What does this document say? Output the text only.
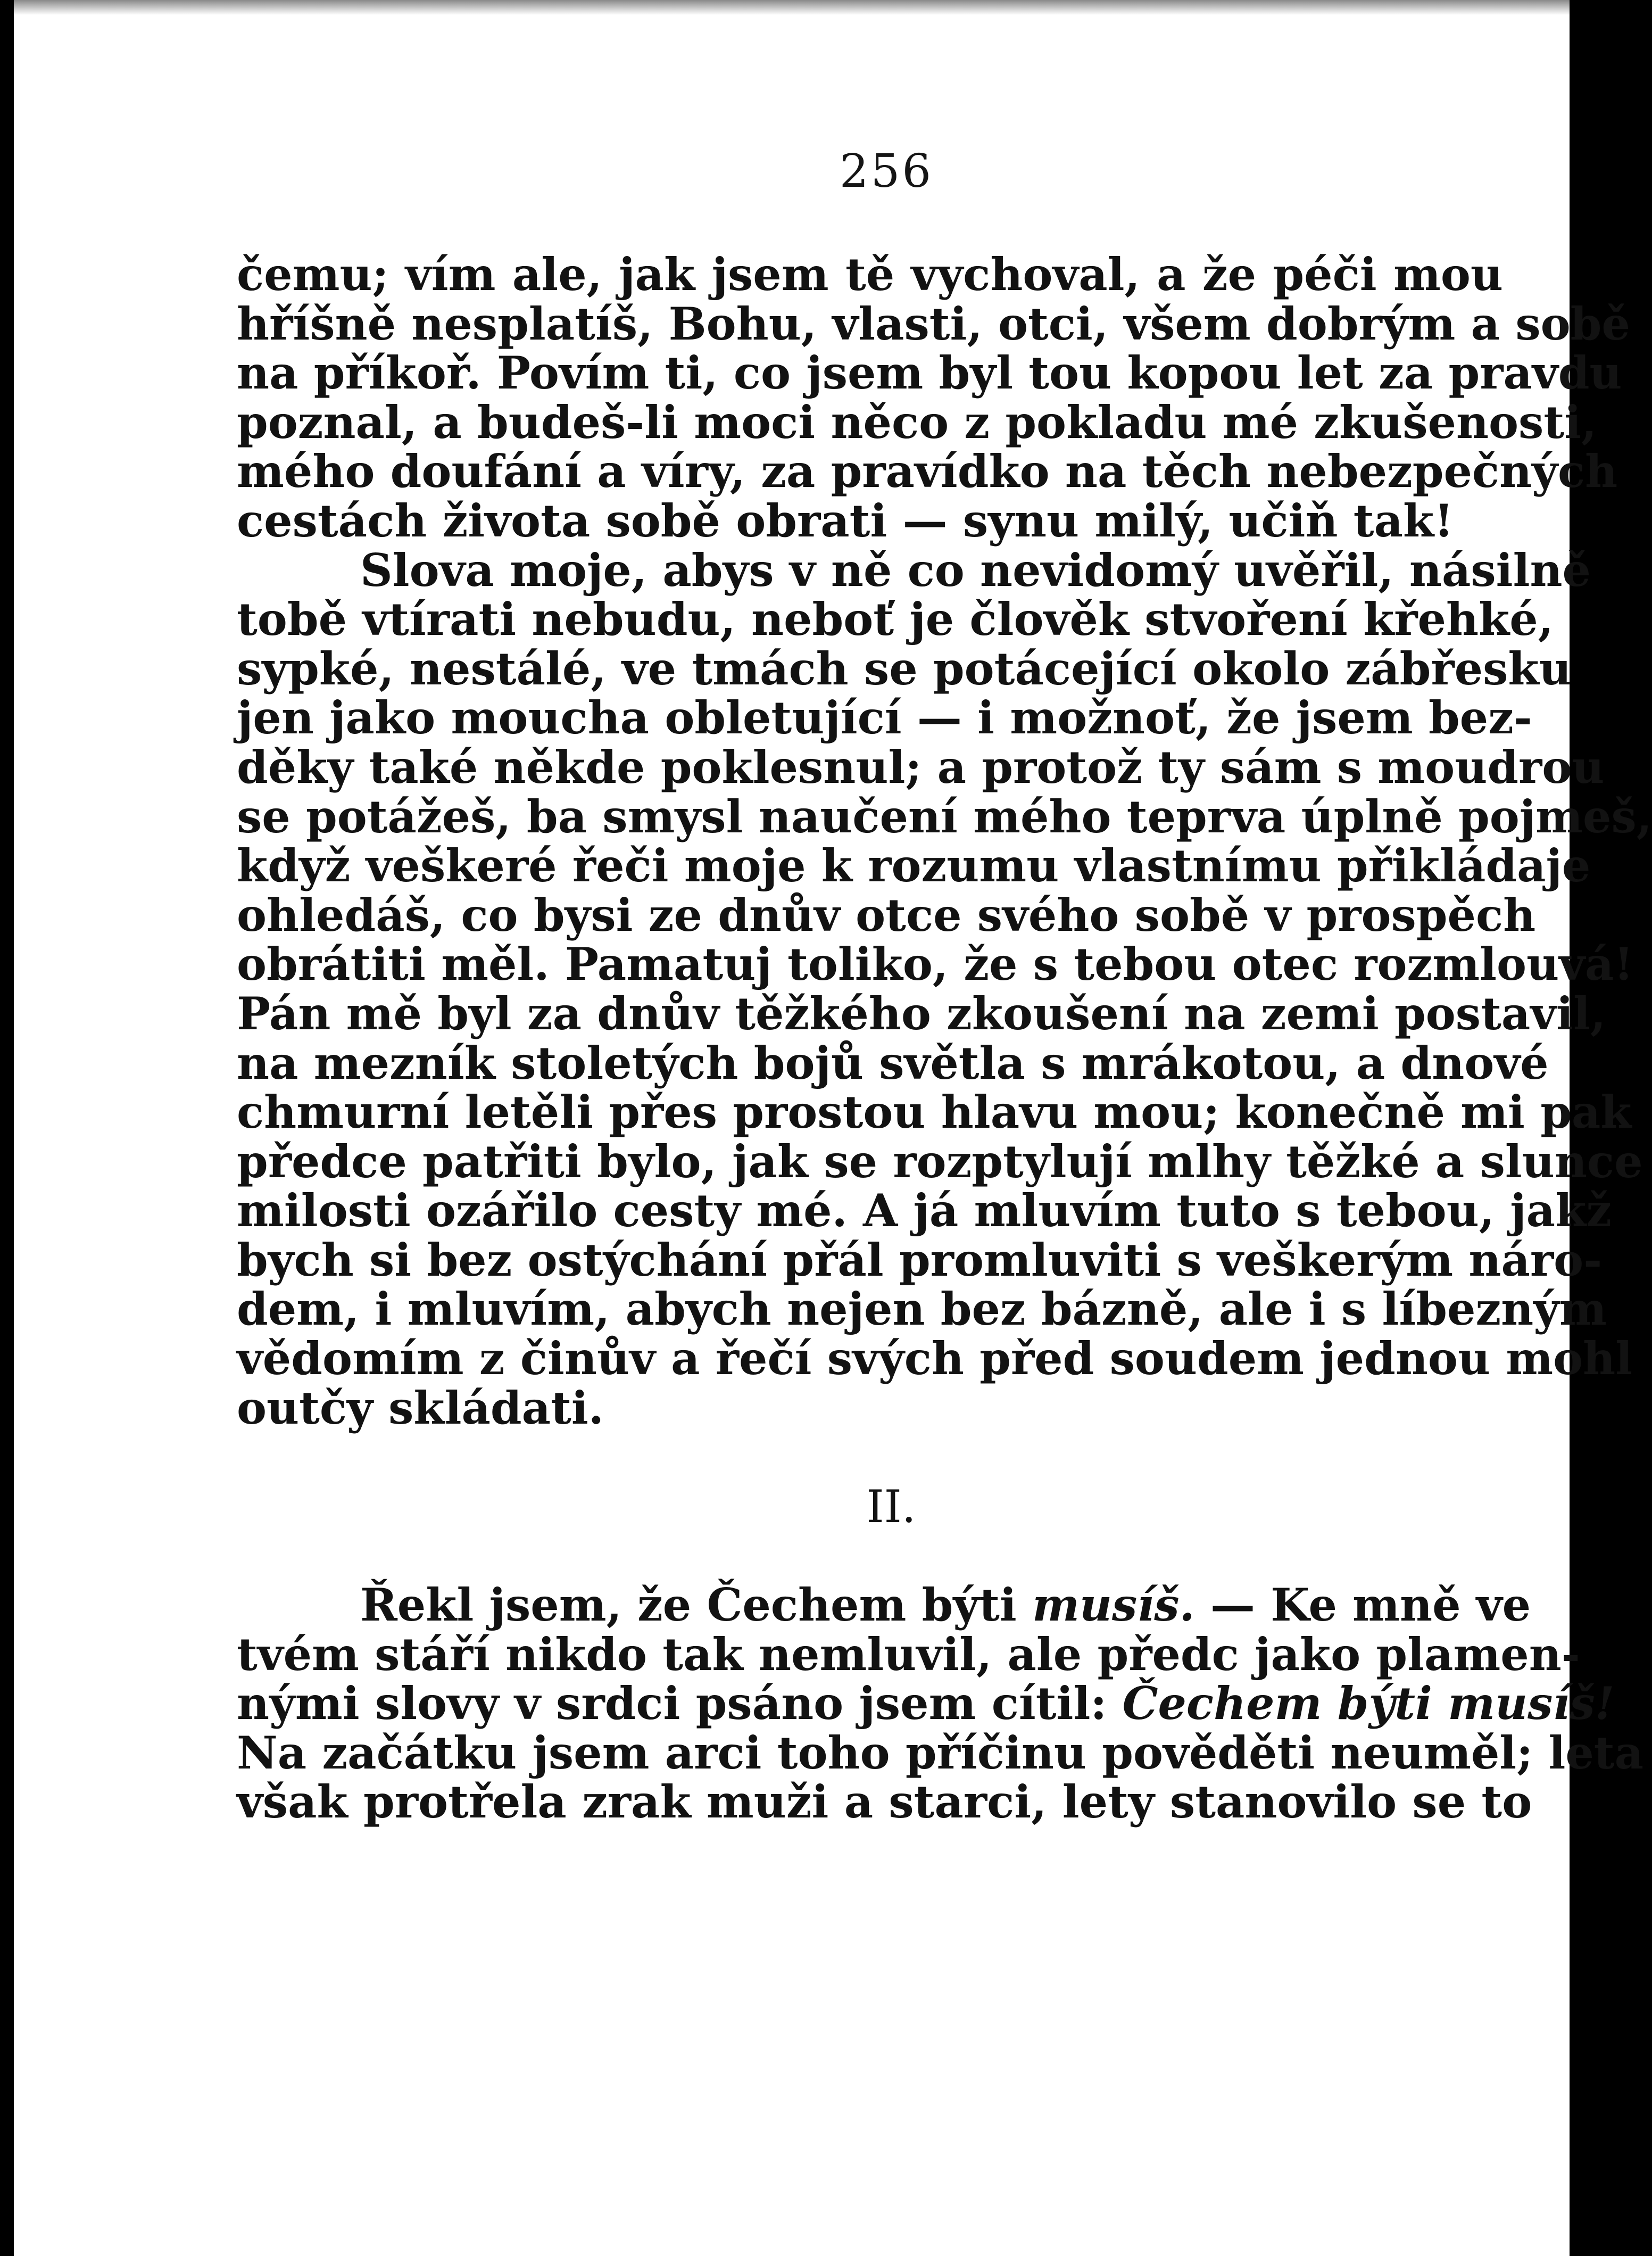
256
čemu; vím ale, jak jsem tě vychoval, a že péči mou
hříšně nesplatíš, Bohu, vlasti, otci, všem dobrým a sobě
na příkoř. Povím ti, co jsem byl tou kopou let za pravdu
poznal, a budeš-li moci něco z pokladu mé zkušenosti,
mého doufání a víry, za pravídko na těch nebezpečných
cestách života sobě obrati — synu milý, učiň tak!
Slova moje, abys v ně co nevidomý uvěřil, násilně
tobě vtírati nebudu, neboť je člověk stvoření křehké,
sypké, nestálé, ve tmách se potácející okolo zábřesku
jen jako moucha obletující — i možnoť, že jsem bez-
děky také někde poklesnul; a protož ty sám s moudrou
se potážeš, ba smysl naučení mého teprva úplně pojmeš,
když veškeré řeči moje k rozumu vlastnímu přikládaje
ohledáš, co bysi ze dnův otce svého sobě v prospěch
obrátiti měl. Pamatuj toliko, že s tebou otec rozmlouvá!
Pán mě byl za dnův těžkého zkoušení na zemi postavil,
na mezník stoletých bojů světla s mrákotou, a dnové
chmurní letěli přes prostou hlavu mou; konečně mi pak
předce patřiti bylo, jak se rozptylují mlhy těžké a slunce
milosti ozářilo cesty mé. A já mluvím tuto s tebou, jakž
bych si bez ostýchání přál promluviti s veškerým náro-
dem, i mluvím, abych nejen bez bázně, ale i s líbezným
vědomím z činův a řečí svých před soudem jednou mohl
outčy skládati.
II.
Řekl jsem, že Čechem býti musíš. — Ke mně ve
tvém stáří nikdo tak nemluvil, ale předc jako plamen-
nými slovy v srdci psáno jsem cítil: Čechem býti musíš!
Na začátku jsem arci toho příčinu pověděti neuměl; leta
však protřela zrak muži a starci, lety stanovilo se to
